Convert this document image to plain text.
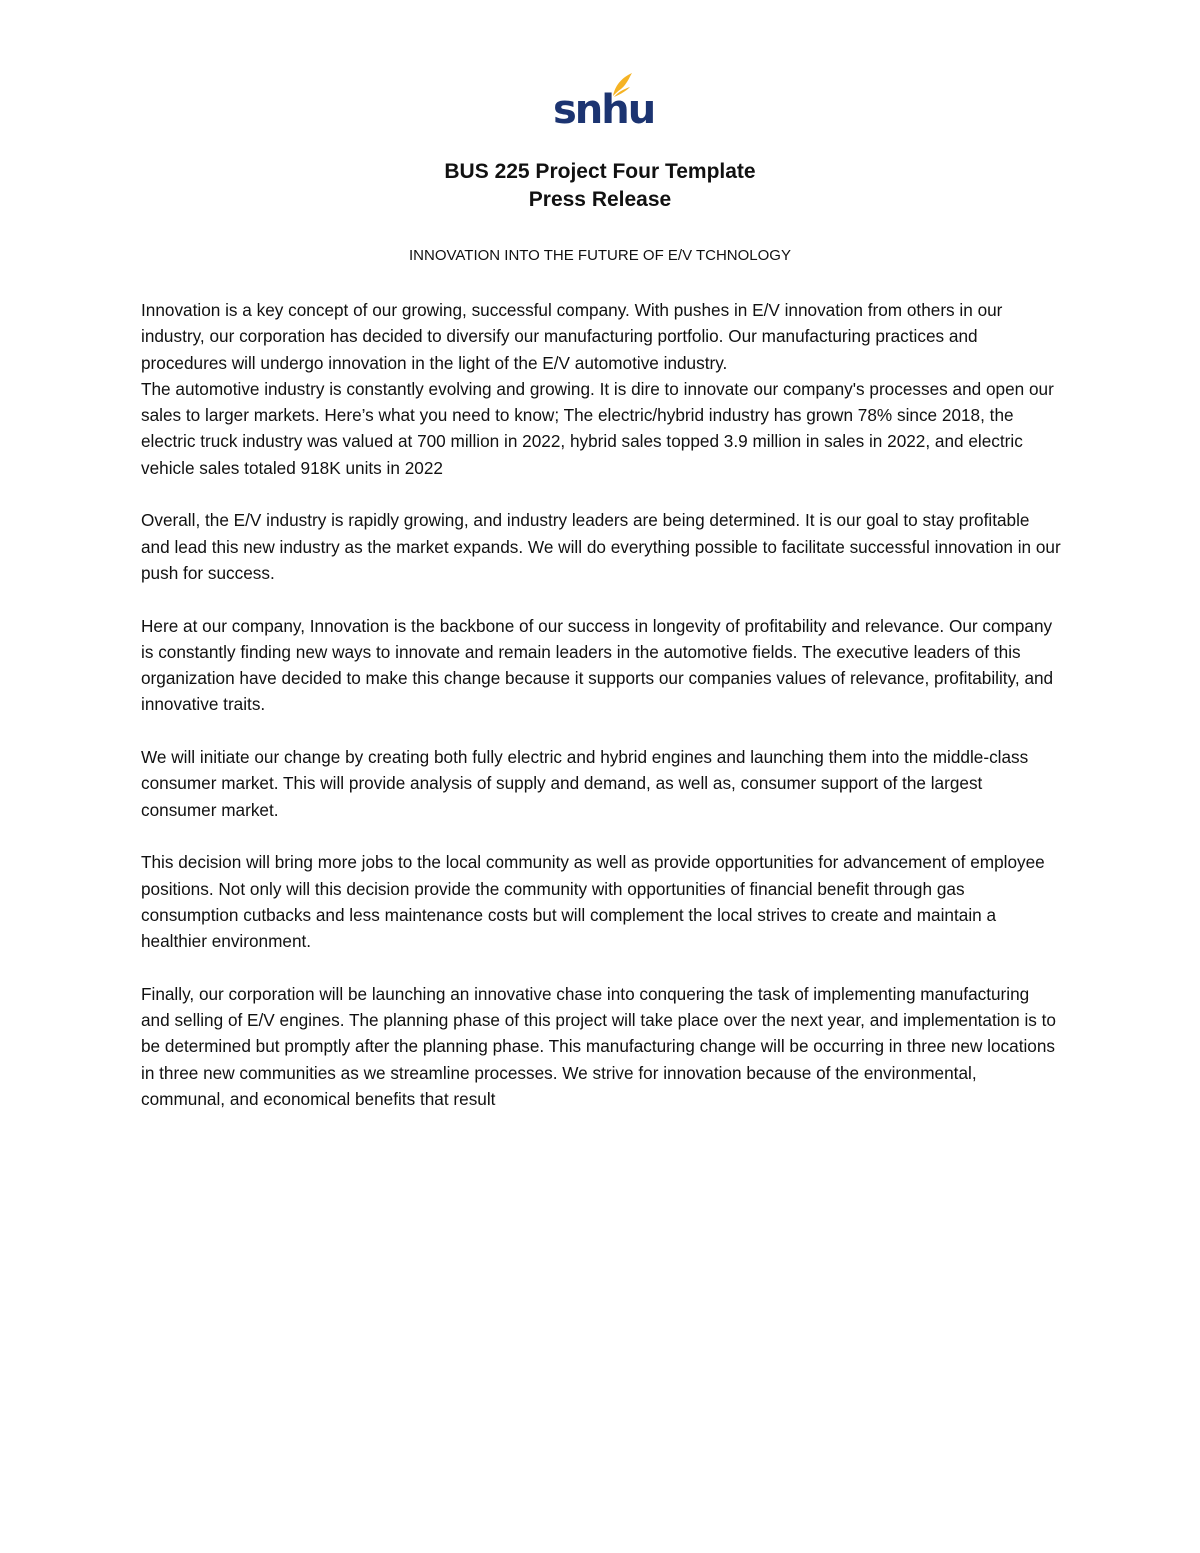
snhu
BUS 225 Project Four Template
Press Release
INNOVATION INTO THE FUTURE OF E/V TCHNOLOGY

Innovation is a key concept of our growing, successful company. With pushes in E/V innovation from others in our industry, our corporation has decided to diversify our manufacturing portfolio. Our manufacturing practices and procedures will undergo innovation in the light of the E/V automotive industry.

The automotive industry is constantly evolving and growing. It is dire to innovate our company's processes and open our sales to larger markets. Here’s what you need to know; The electric/hybrid industry has grown 78% since 2018, the electric truck industry was valued at 700 million in 2022, hybrid sales topped 3.9 million in sales in 2022, and electric vehicle sales totaled 918K units in 2022

Overall, the E/V industry is rapidly growing, and industry leaders are being determined. It is our goal to stay profitable and lead this new industry as the market expands. We will do everything possible to facilitate successful innovation in our push for success.

Here at our company, Innovation is the backbone of our success in longevity of profitability and relevance. Our company is constantly finding new ways to innovate and remain leaders in the automotive fields. The executive leaders of this organization have decided to make this change because it supports our companies values of relevance, profitability, and innovative traits.

We will initiate our change by creating both fully electric and hybrid engines and launching them into the middle-class consumer market. This will provide analysis of supply and demand, as well as, consumer support of the largest consumer market.

This decision will bring more jobs to the local community as well as provide opportunities for advancement of employee positions. Not only will this decision provide the community with opportunities of financial benefit through gas consumption cutbacks and less maintenance costs but will complement the local strives to create and maintain a healthier environment.

Finally, our corporation will be launching an innovative chase into conquering the task of implementing manufacturing and selling of E/V engines. The planning phase of this project will take place over the next year, and implementation is to be determined but promptly after the planning phase. This manufacturing change will be occurring in three new locations in three new communities as we streamline processes. We strive for innovation because of the environmental, communal, and economical benefits that result
